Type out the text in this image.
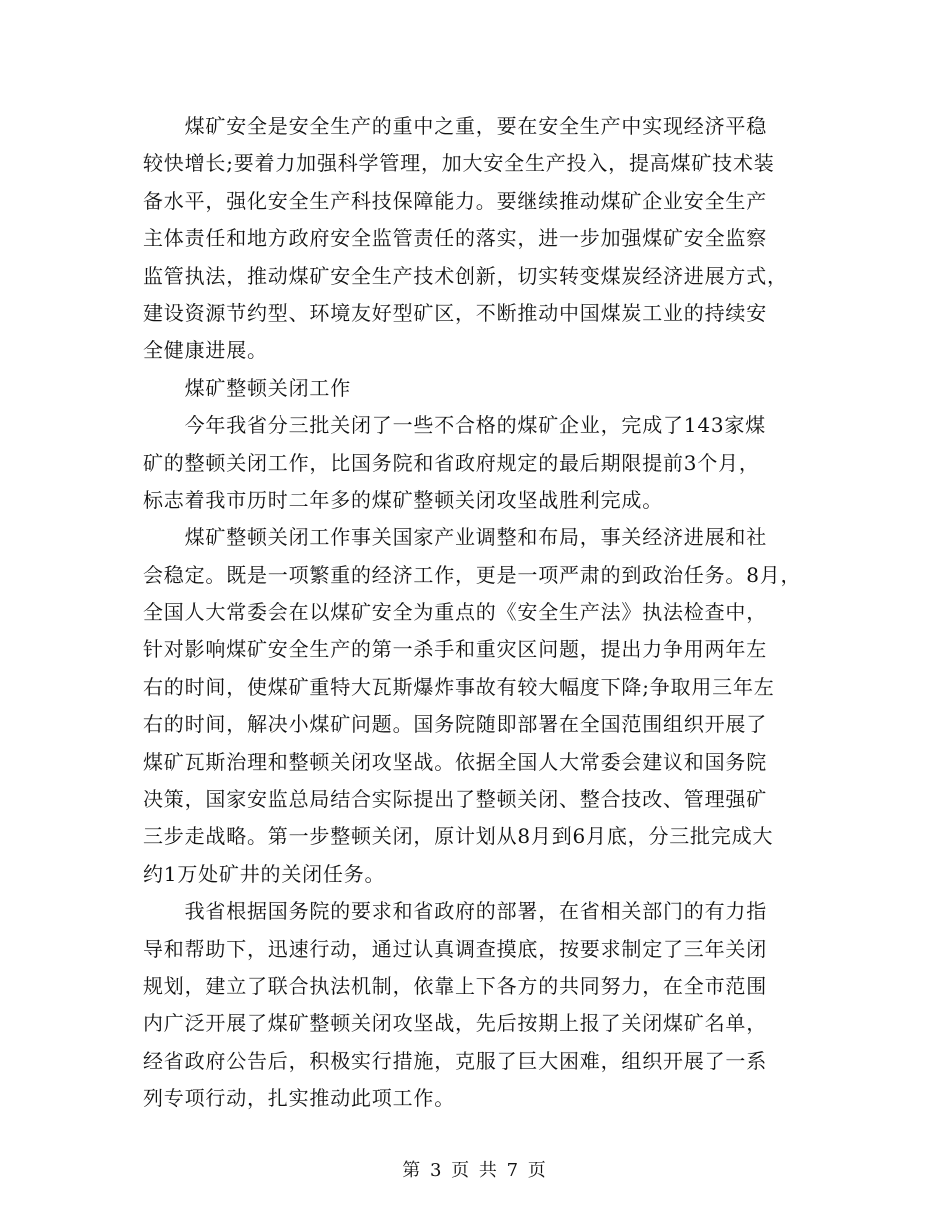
　　煤矿安全是安全生产的重中之重，要在安全生产中实现经济平稳
较快增长;要着力加强科学管理，加大安全生产投入，提高煤矿技术装
备水平，强化安全生产科技保障能力。要继续推动煤矿企业安全生产
主体责任和地方政府安全监管责任的落实，进一步加强煤矿安全监察
监管执法，推动煤矿安全生产技术创新，切实转变煤炭经济进展方式，
建设资源节约型、环境友好型矿区，不断推动中国煤炭工业的持续安
全健康进展。
　　煤矿整顿关闭工作
　　今年我省分三批关闭了一些不合格的煤矿企业，完成了143家煤
矿的整顿关闭工作，比国务院和省政府规定的最后期限提前3个月，
标志着我市历时二年多的煤矿整顿关闭攻坚战胜利完成。
　　煤矿整顿关闭工作事关国家产业调整和布局，事关经济进展和社
会稳定。既是一项繁重的经济工作，更是一项严肃的到政治任务。8月，
全国人大常委会在以煤矿安全为重点的《安全生产法》执法检查中，
针对影响煤矿安全生产的第一杀手和重灾区问题，提出力争用两年左
右的时间，使煤矿重特大瓦斯爆炸事故有较大幅度下降;争取用三年左
右的时间，解决小煤矿问题。国务院随即部署在全国范围组织开展了
煤矿瓦斯治理和整顿关闭攻坚战。依据全国人大常委会建议和国务院
决策，国家安监总局结合实际提出了整顿关闭、整合技改、管理强矿
三步走战略。第一步整顿关闭，原计划从8月到6月底，分三批完成大
约1万处矿井的关闭任务。
　　我省根据国务院的要求和省政府的部署，在省相关部门的有力指
导和帮助下，迅速行动，通过认真调查摸底，按要求制定了三年关闭
规划，建立了联合执法机制，依靠上下各方的共同努力，在全市范围
内广泛开展了煤矿整顿关闭攻坚战，先后按期上报了关闭煤矿名单，
经省政府公告后，积极实行措施，克服了巨大困难，组织开展了一系
列专项行动，扎实推动此项工作。
第 3 页 共 7 页
